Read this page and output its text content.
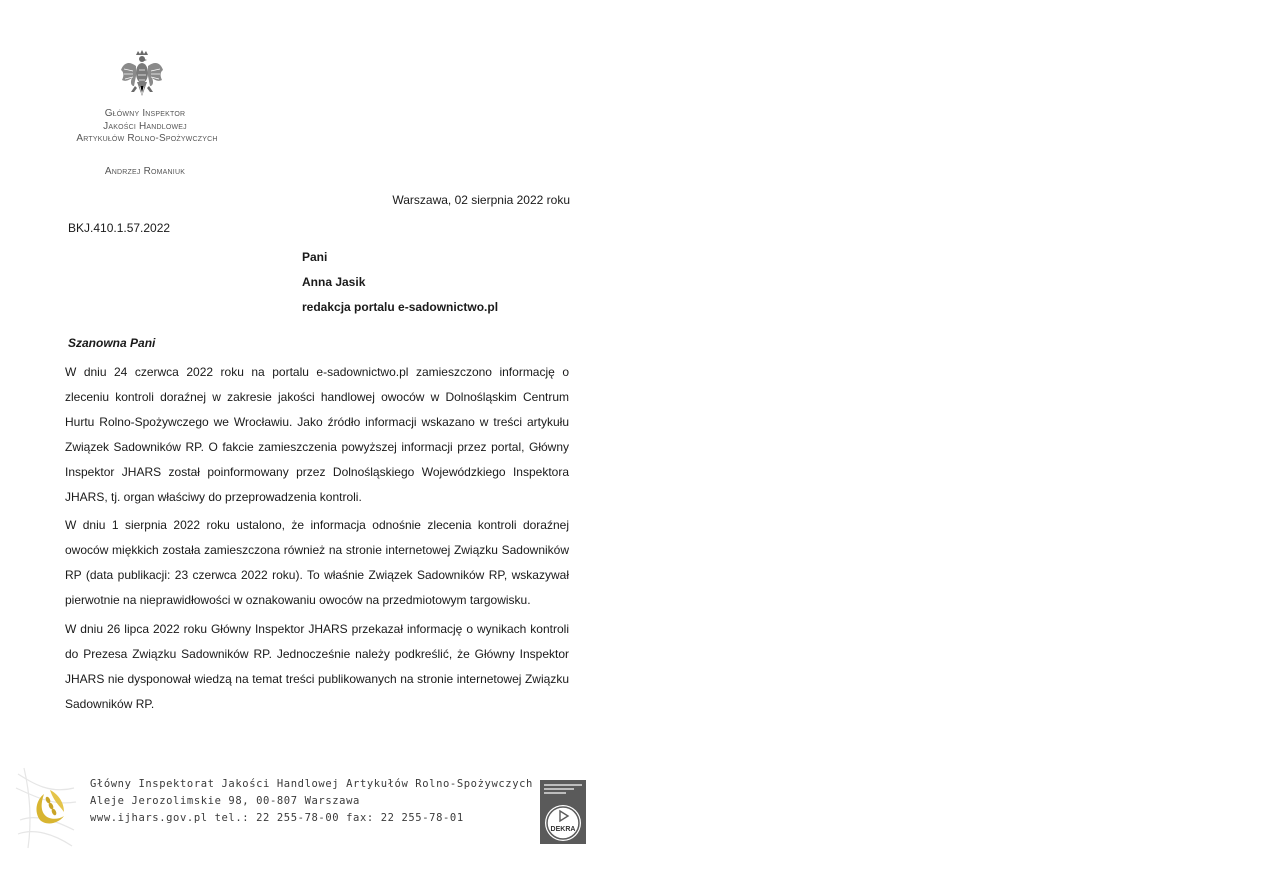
Główny Inspektor
Jakości Handlowej
Artykułów Rolno-Spożywczych
Andrzej Romaniuk
Warszawa, 02 sierpnia 2022 roku
BKJ.410.1.57.2022
Pani
Anna Jasik
redakcja portalu e-sadownictwo.pl
Szanowna Pani
W dniu 24 czerwca 2022 roku na portalu e-sadownictwo.pl zamieszczono informację o zleceniu kontroli doraźnej w zakresie jakości handlowej owoców w Dolnośląskim Centrum Hurtu Rolno-Spożywczego we Wrocławiu. Jako źródło informacji wskazano w treści artykułu Związek Sadowników RP. O fakcie zamieszczenia powyższej informacji przez portal, Główny Inspektor JHARS został poinformowany przez Dolnośląskiego Wojewódzkiego Inspektora JHARS, tj. organ właściwy do przeprowadzenia kontroli.
W dniu 1 sierpnia 2022 roku ustalono, że informacja odnośnie zlecenia kontroli doraźnej owoców miękkich została zamieszczona również na stronie internetowej Związku Sadowników RP (data publikacji: 23 czerwca 2022 roku). To właśnie Związek Sadowników RP, wskazywał pierwotnie na nieprawidłowości w oznakowaniu owoców na przedmiotowym targowisku.
W dniu 26 lipca 2022 roku Główny Inspektor JHARS przekazał informację o wynikach kontroli do Prezesa Związku Sadowników RP. Jednocześnie należy podkreślić, że Główny Inspektor JHARS nie dysponował wiedzą na temat treści publikowanych na stronie internetowej Związku Sadowników RP.
Główny Inspektorat Jakości Handlowej Artykułów Rolno-Spożywczych
Aleje Jerozolimskie 98, 00-807 Warszawa
www.ijhars.gov.pl tel.: 22 255-78-00 fax: 22 255-78-01
DEKRA
